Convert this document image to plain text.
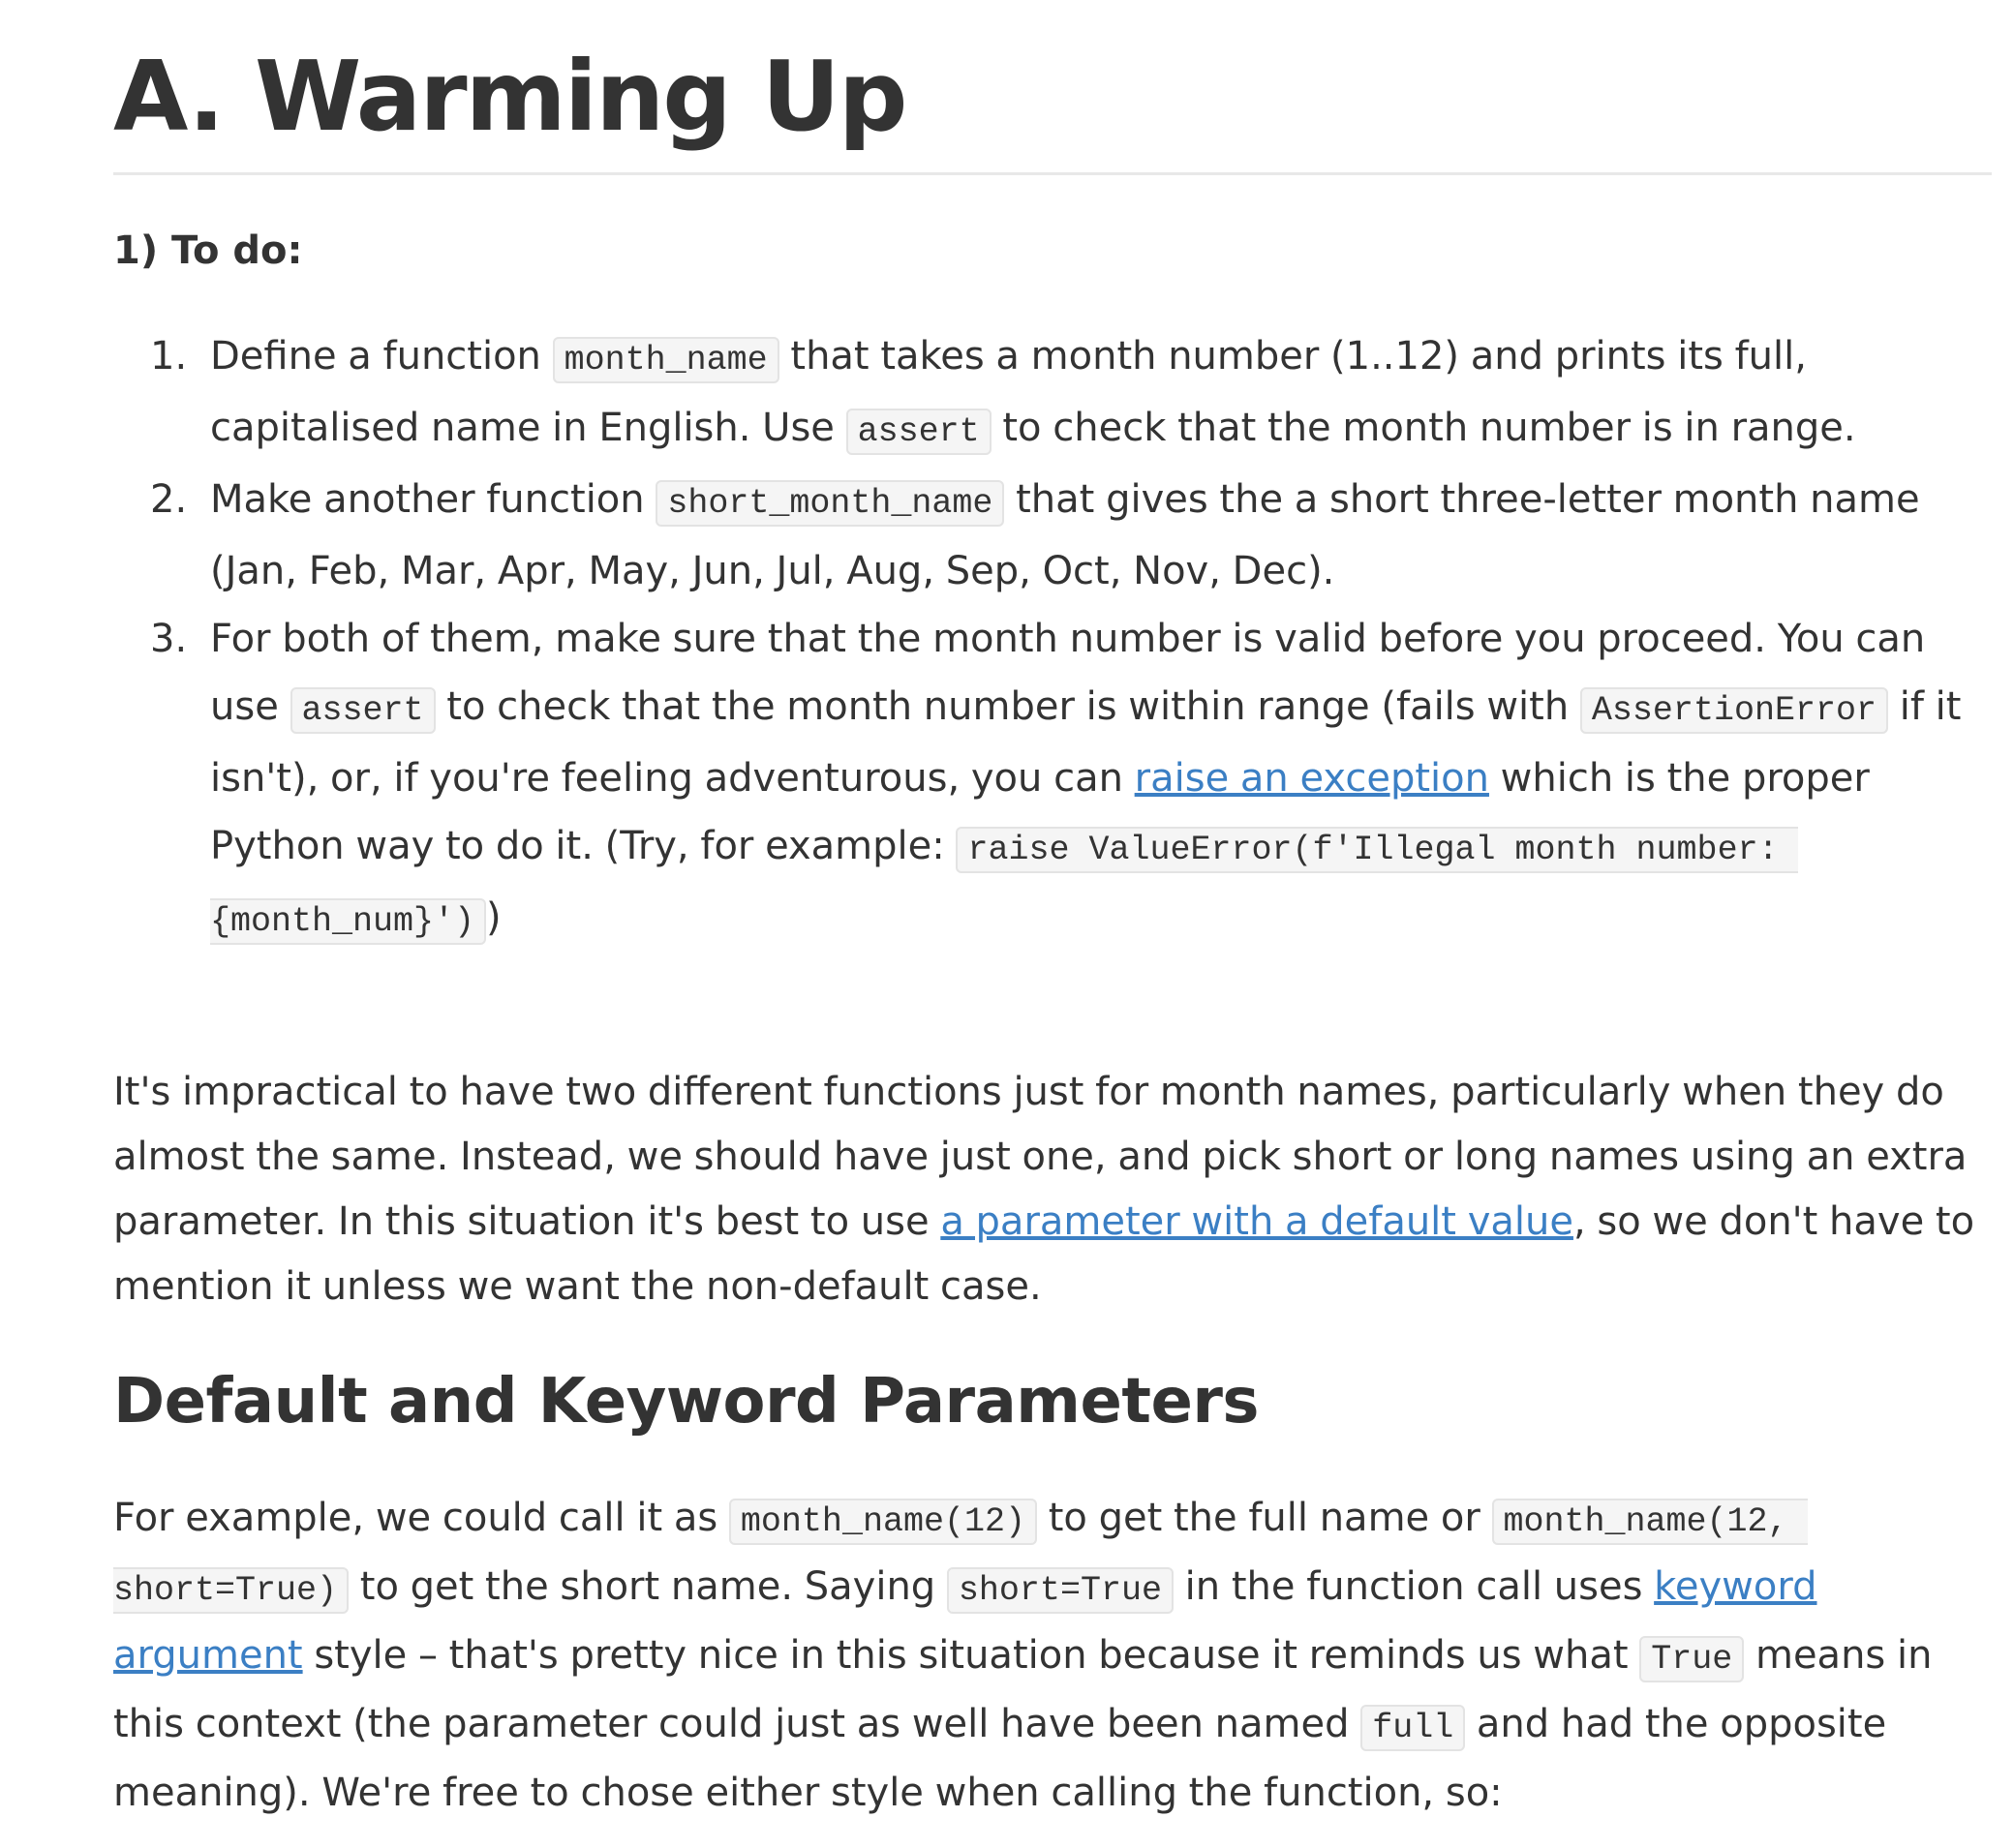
A. Warming Up
1) To do:
1. Define a function month_name that takes a month number (1..12) and prints its full, capitalised name in English. Use assert to check that the month number is in range.
2. Make another function short_month_name that gives the a short three-letter month name (Jan, Feb, Mar, Apr, May, Jun, Jul, Aug, Sep, Oct, Nov, Dec).
3. For both of them, make sure that the month number is valid before you proceed. You can use assert to check that the month number is within range (fails with AssertionError if it isn't), or, if you're feeling adventurous, you can raise an exception which is the proper Python way to do it. (Try, for example: raise ValueError(f'Illegal month number: {month_num}') )

It's impractical to have two different functions just for month names, particularly when they do almost the same. Instead, we should have just one, and pick short or long names using an extra parameter. In this situation it's best to use a parameter with a default value, so we don't have to mention it unless we want the non-default case.

Default and Keyword Parameters

For example, we could call it as month_name(12) to get the full name or month_name(12, short=True) to get the short name. Saying short=True in the function call uses keyword argument style – that's pretty nice in this situation because it reminds us what True means in this context (the parameter could just as well have been named full and had the opposite meaning). We're free to chose either style when calling the function, so:
